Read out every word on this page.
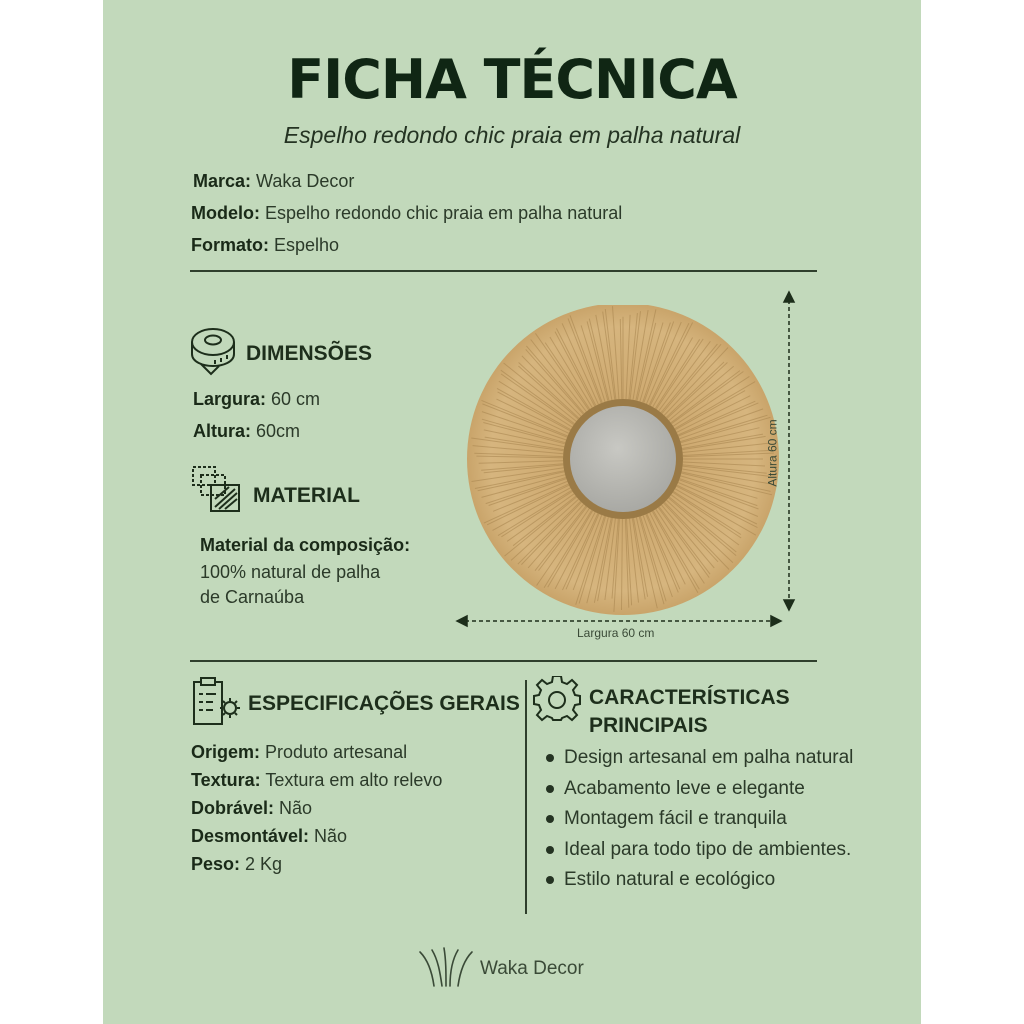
FICHA TÉCNICA
Espelho redondo chic praia em palha natural
Marca: Waka Decor
Modelo: Espelho redondo chic praia em palha natural
Formato: Espelho
DIMENSÕES
Largura: 60 cm
Altura: 60cm
MATERIAL
Material da composição:
100% natural de palha
de Carnaúba
Altura 60 cm
Largura 60 cm
ESPECIFICAÇÕES GERAIS
Origem: Produto artesanal
Textura: Textura em alto relevo
Dobrável: Não
Desmontável: Não
Peso: 2 Kg
CARACTERÍSTICAS
PRINCIPAIS
Design artesanal em palha natural
Acabamento leve e elegante
Montagem fácil e tranquila
Ideal para todo tipo de ambientes.
Estilo natural e ecológico
Waka Decor
